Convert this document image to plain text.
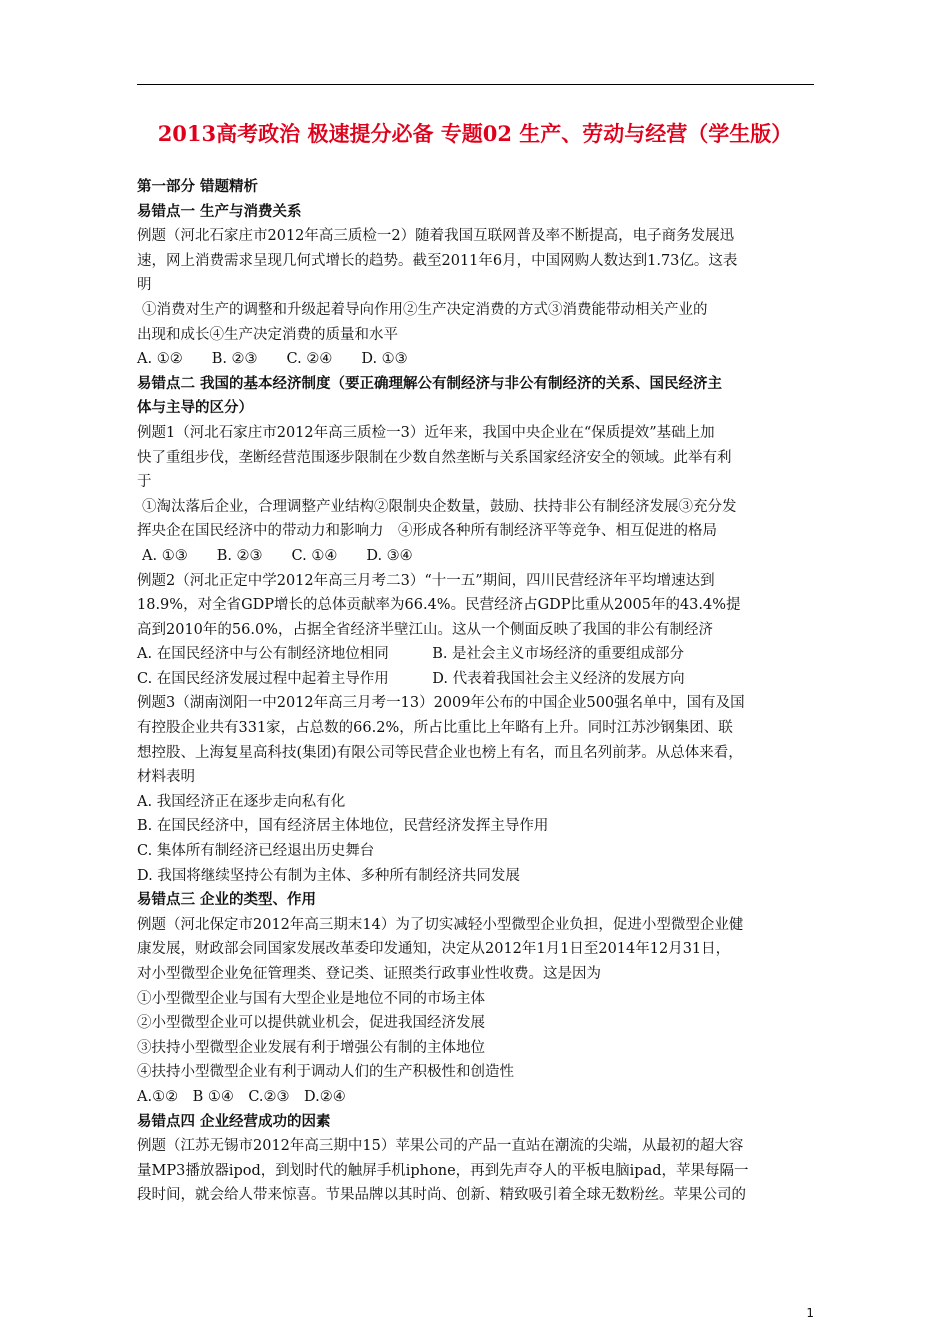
2013高考政治 极速提分必备 专题02 生产、劳动与经营（学生版）
第一部分 错题精析
易错点一 生产与消费关系
例题（河北石家庄市2012年高三质检一2）随着我国互联网普及率不断提高，电子商务发展迅
速，网上消费需求呈现几何式增长的趋势。截至2011年6月，中国网购人数达到1.73亿。这表
明
①消费对生产的调整和升级起着导向作用②生产决定消费的方式③消费能带动相关产业的
出现和成长④生产决定消费的质量和水平
A. ①②　　B. ②③　　C. ②④　　D. ①③
易错点二 我国的基本经济制度（要正确理解公有制经济与非公有制经济的关系、国民经济主
体与主导的区分）
例题1（河北石家庄市2012年高三质检一3）近年来，我国中央企业在“保质提效”基础上加
快了重组步伐，垄断经营范围逐步限制在少数自然垄断与关系国家经济安全的领域。此举有利
于
①淘汰落后企业，合理调整产业结构②限制央企数量，鼓励、扶持非公有制经济发展③充分发
挥央企在国民经济中的带动力和影响力　④形成各种所有制经济平等竞争、相互促进的格局
A. ①③　　B. ②③　　C. ①④　　D. ③④
例题2（河北正定中学2012年高三月考二3）“十一五”期间，四川民营经济年平均增速达到
18.9%，对全省GDP增长的总体贡献率为66.4%。民营经济占GDP比重从2005年的43.4%提
高到2010年的56.0%，占据全省经济半壁江山。这从一个侧面反映了我国的非公有制经济
A. 在国民经济中与公有制经济地位相同　　　B. 是社会主义市场经济的重要组成部分
C. 在国民经济发展过程中起着主导作用　　　D. 代表着我国社会主义经济的发展方向
例题3（湖南浏阳一中2012年高三月考一13）2009年公布的中国企业500强名单中，国有及国
有控股企业共有331家，占总数的66.2%，所占比重比上年略有上升。同时江苏沙钢集团、联
想控股、上海复星高科技(集团)有限公司等民营企业也榜上有名，而且名列前茅。从总体来看，
材料表明
A. 我国经济正在逐步走向私有化
B. 在国民经济中，国有经济居主体地位，民营经济发挥主导作用
C. 集体所有制经济已经退出历史舞台
D. 我国将继续坚持公有制为主体、多种所有制经济共同发展
易错点三 企业的类型、作用
例题（河北保定市2012年高三期末14）为了切实减轻小型微型企业负担，促进小型微型企业健
康发展，财政部会同国家发展改革委印发通知，决定从2012年1月1日至2014年12月31日，
对小型微型企业免征管理类、登记类、证照类行政事业性收费。这是因为
①小型微型企业与国有大型企业是地位不同的市场主体
②小型微型企业可以提供就业机会，促进我国经济发展
③扶持小型微型企业发展有利于增强公有制的主体地位
④扶持小型微型企业有利于调动人们的生产积极性和创造性
A.①②　B ①④　C.②③　D.②④
易错点四 企业经营成功的因素
例题（江苏无锡市2012年高三期中15）苹果公司的产品一直站在潮流的尖端，从最初的超大容
量MP3播放器ipod，到划时代的触屏手机iphone，再到先声夺人的平板电脑ipad，苹果每隔一
段时间，就会给人带来惊喜。节果品牌以其时尚、创新、精致吸引着全球无数粉丝。苹果公司的
1
